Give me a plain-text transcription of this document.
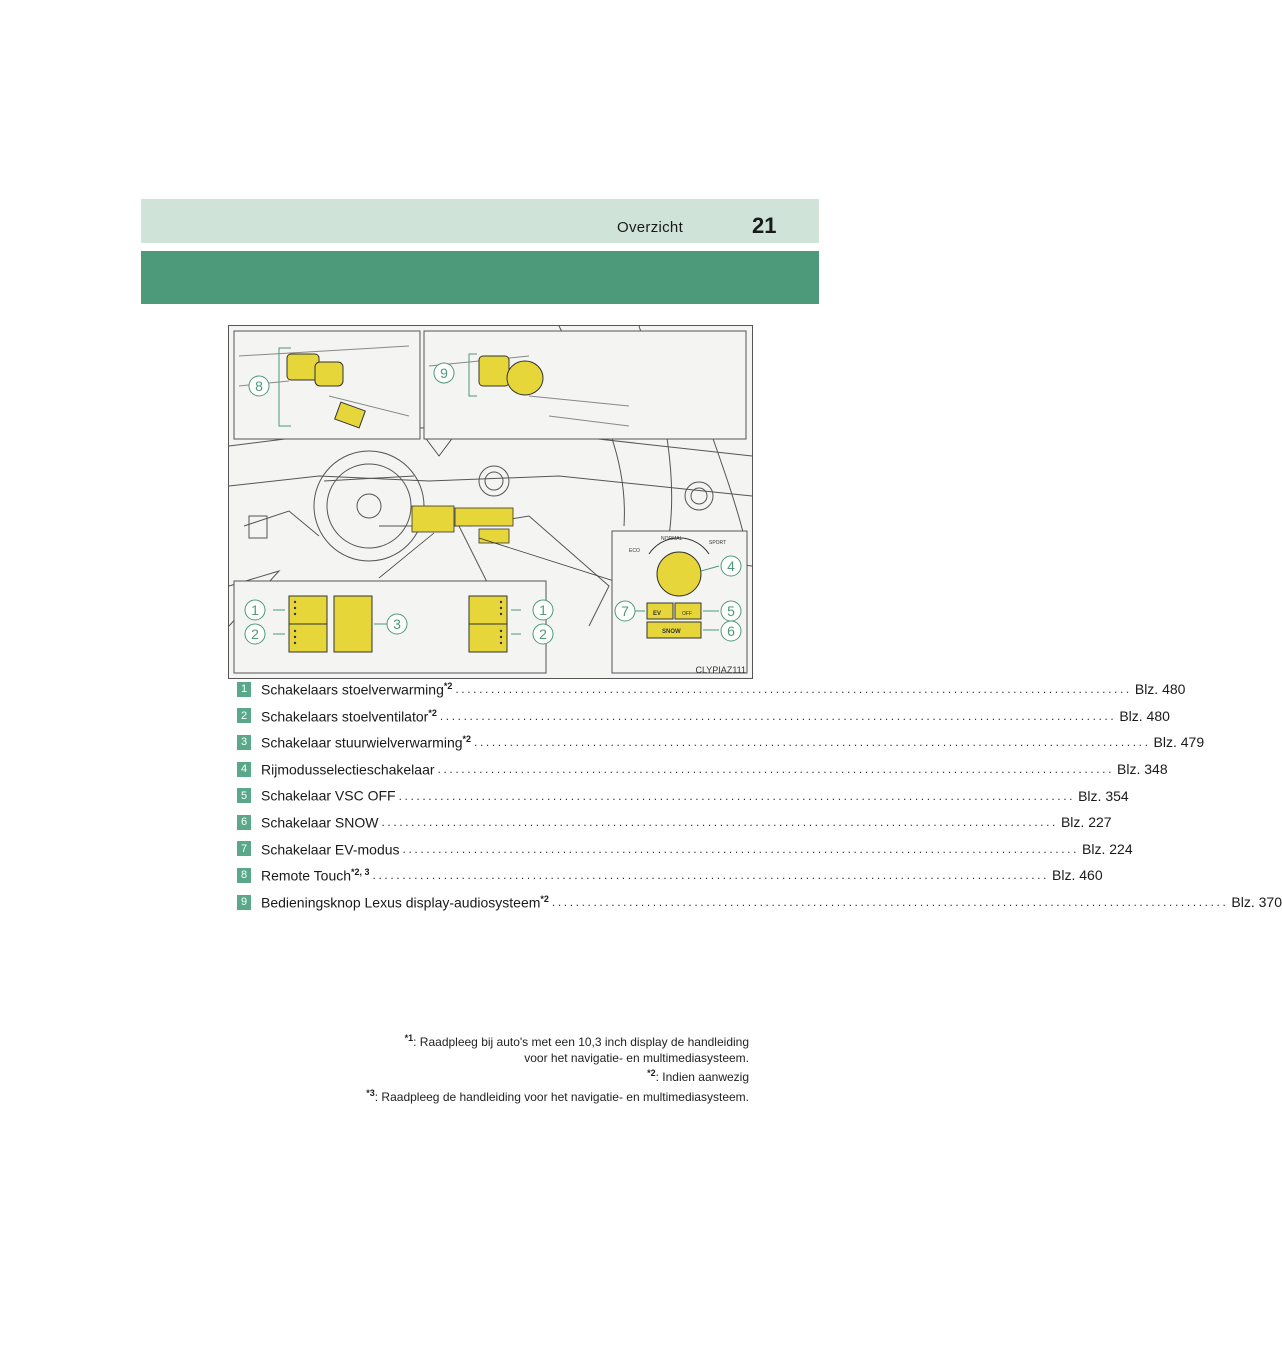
Overzicht	21
ECO
NORMAL
SPORT
EV	OFF
SNOW
8
9
1
2
3
1
2
4
7	5
6
CLYPIAZ111
1 Schakelaars stoelverwarming$^{*2}$ .................................................................................................................. Blz. 480
2 Schakelaars stoelventilator$^{*2}$ .................................................................................................................. Blz. 480
3 Schakelaar stuurwielverwarming$^{*2}$ .................................................................................................................. Blz. 479
4 Rijmodusselectieschakelaar .................................................................................................................. Blz. 348
5 Schakelaar VSC OFF .................................................................................................................. Blz. 354
6 Schakelaar SNOW .................................................................................................................. Blz. 227
7 Schakelaar EV-modus .................................................................................................................. Blz. 224
8 Remote Touch$^{*2, 3}$ .................................................................................................................. Blz. 460
9 Bedieningsknop Lexus display-audiosysteem$^{*2}$ .................................................................................................................. Blz. 370
$^{*1}$: Raadpleeg bij auto's met een 10,3 inch display de handleiding
voor het navigatie- en multimediasysteem.
$^{*2}$: Indien aanwezig
$^{*3}$: Raadpleeg de handleiding voor het navigatie- en multimediasysteem.
